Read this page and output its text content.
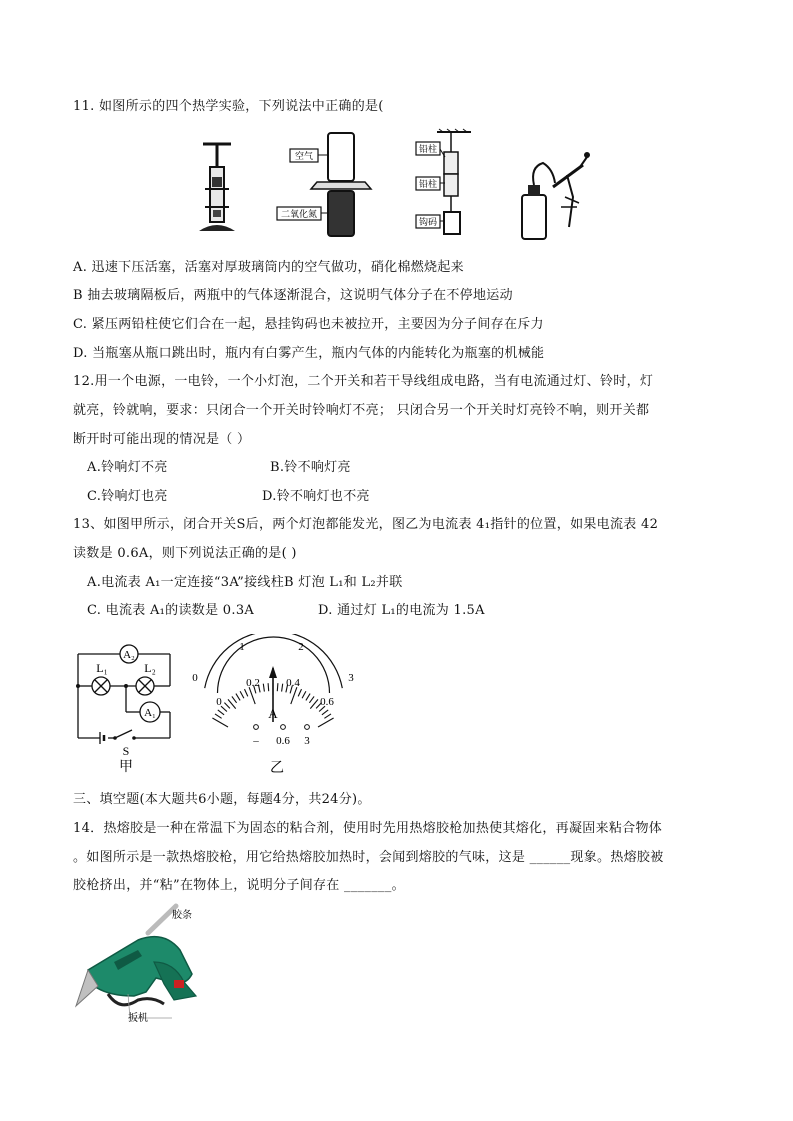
11. 如图所示的四个热学实验，下列说法中正确的是(
空气
二氧化氮
铅柱
铅柱
钩码
A. 迅速下压活塞，活塞对厚玻璃筒内的空气做功，硝化棉燃烧起来
B 抽去玻璃隔板后，两瓶中的气体逐渐混合，这说明气体分子在不停地运动
C. 紧压两铅柱使它们合在一起，悬挂钩码也未被拉开，主要因为分子间存在斥力
D. 当瓶塞从瓶口跳出时，瓶内有白雾产生，瓶内气体的内能转化为瓶塞的机械能
12.用一个电源，一电铃，一个小灯泡，二个开关和若干导线组成电路，当有电流通过灯、铃时，灯
就亮，铃就响，要求：只闭合一个开关时铃响灯不亮； 只闭合另一个开关时灯亮铃不响，则开关都
断开时可能出现的情况是（ ）
A.铃响灯不亮	B.铃不响灯亮
C.铃响灯也亮	D.铃不响灯也不亮
13、如图甲所示，闭合开关S后，两个灯泡都能发光，图乙为电流表 4₁指针的位置，如果电流表 42
读数是 0.6A，则下列说法正确的是( )
A.电流表 A₁一定连接“3A”接线柱B 灯泡 L₁和 L₂并联
C. 电流表 A₁的读数是 0.3A	D. 通过灯 L₁的电流为 1.5A
A₂
L₁	L₂
A₁
S
甲
0
1	2
3
0
0.2 0.4
0.6
A
– 0.6 3
乙
三、填空题(本大题共6小题，每题4分，共24分)。
14．热熔胶是一种在常温下为固态的粘合剂，使用时先用热熔胶枪加热使其熔化，再凝固来粘合物体
。如图所示是一款热熔胶枪，用它给热熔胶加热时，会闻到熔胶的气味，这是 ______现象。热熔胶被
胶枪挤出，并“粘”在物体上，说明分子间存在 _______。
胶条
扳机
